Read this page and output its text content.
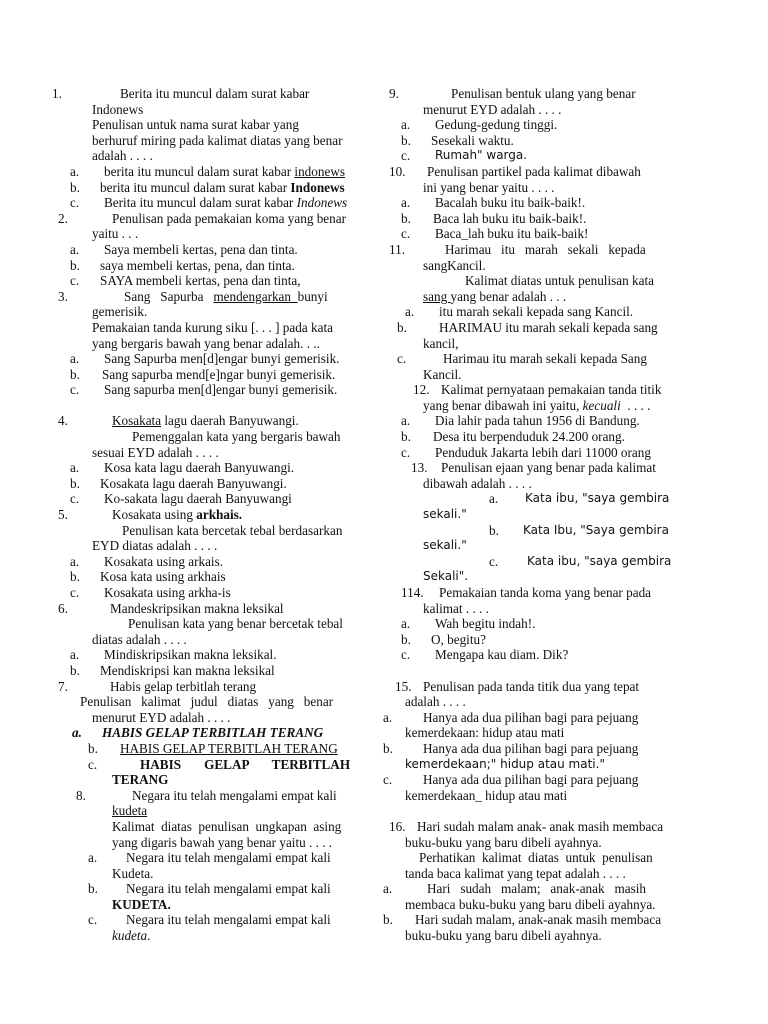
1.	Berita itu muncul dalam surat kabar
Indonews
Penulisan untuk nama surat kabar yang
berhuruf miring pada kalimat diatas yang benar
adalah . . . .
a. berita itu muncul dalam surat kabar indonews
b. berita itu muncul dalam surat kabar Indonews
c. Berita itu muncul dalam surat kabar Indonews
2.	Penulisan pada pemakaian koma yang benar
yaitu . . .
a. Saya membeli kertas, pena dan tinta.
b. saya membeli kertas, pena, dan tinta.
c. SAYA membeli kertas, pena dan tinta,
3.	Sang   Sapurba   mendengarkan  bunyi
gemerisik.
Pemakaian tanda kurung siku [. . . ] pada kata
yang bergaris bawah yang benar adalah. . ..
a. Sang Sapurba men[d]engar bunyi gemerisik.
b. Sang sapurba mend[e]ngar bunyi gemerisik.
c. Sang sapurba men[d]engar bunyi gemerisik.
4.	Kosakata lagu daerah Banyuwangi.
Pemenggalan kata yang bergaris bawah
sesuai EYD adalah . . . .
a. Kosa kata lagu daerah Banyuwangi.
b. Kosakata lagu daerah Banyuwangi.
c. Ko-sakata lagu daerah Banyuwangi
5.	Kosakata using arkhais.
Penulisan kata bercetak tebal berdasarkan
EYD diatas adalah . . . .
a. Kosakata using arkais.
b. Kosa kata using arkhais
c. Kosakata using arkha-is
6.	Mandeskripsikan makna leksikal
Penulisan kata yang benar bercetak tebal
diatas adalah . . . .
a. Mindiskripsikan makna leksikal.
b. Mendiskripsi kan makna leksikal
7.	Habis gelap terbitlah terang
Penulisan   kalimat   judul   diatas   yang   benar
menurut EYD adalah . . . .
a. HABIS GELAP TERBITLAH TERANG
b. HABIS GELAP TERBITLAH TERANG
c.	HABIS       GELAP       TERBITLAH
TERANG
8.	Negara itu telah mengalami empat kali
kudeta
Kalimat  diatas  penulisan  ungkapan  asing
yang digaris bawah yang benar yaitu . . . .
a. Negara itu telah mengalami empat kali
Kudeta.
b. Negara itu telah mengalami empat kali
KUDETA.
c. Negara itu telah mengalami empat kali
kudeta.
9.	Penulisan bentuk ulang yang benar
menurut EYD adalah . . . .
a. Gedung-gedung tinggi.
b. Sesekali waktu.
c. Rumah" warga.
10. Penulisan partikel pada kalimat dibawah
ini yang benar yaitu . . . .
a. Bacalah buku itu baik-baik!.
b. Baca lah buku itu baik-baik!.
c. Baca_lah buku itu baik-baik!
11.	Harimau   itu   marah   sekali   kepada
sangKancil.
Kalimat diatas untuk penulisan kata
sang yang benar adalah . . .
a. itu marah sekali kepada sang Kancil.
b. HARIMAU itu marah sekali kepada sang
kancil,
c.	Harimau itu marah sekali kepada Sang
Kancil.
12. Kalimat pernyataan pemakaian tanda titik
yang benar dibawah ini yaitu, kecuali  . . . .
a. Dia lahir pada tahun 1956 di Bandung.
b. Desa itu berpenduduk 24.200 orang.
c. Penduduk Jakarta lebih dari 11000 orang
13. Penulisan ejaan yang benar pada kalimat
dibawah adalah . . . .
a. Kata ibu, "saya gembira
sekali."
b. Kata Ibu, "Saya gembira
sekali."
c. Kata ibu, "saya gembira
Sekali".
114. Pemakaian tanda koma yang benar pada
kalimat . . . .
a. Wah begitu indah!.
b. O, begitu?
c. Mengapa kau diam. Dik?
15. Penulisan pada tanda titik dua yang tepat
adalah . . . .
a. Hanya ada dua pilihan bagi para pejuang
kemerdekaan: hidup atau mati
b. Hanya ada dua pilihan bagi para pejuang
kemerdekaan;" hidup atau mati."
c. Hanya ada dua pilihan bagi para pejuang
kemerdekaan_ hidup atau mati
16. Hari sudah malam anak- anak masih membaca
buku-buku yang baru dibeli ayahnya.
Perhatikan  kalimat  diatas  untuk  penulisan
tanda baca kalimat yang tepat adalah . . . .
a.	Hari   sudah   malam;   anak-anak   masih
membaca buku-buku yang baru dibeli ayahnya.
b. Hari sudah malam, anak-anak masih membaca
buku-buku yang baru dibeli ayahnya.
